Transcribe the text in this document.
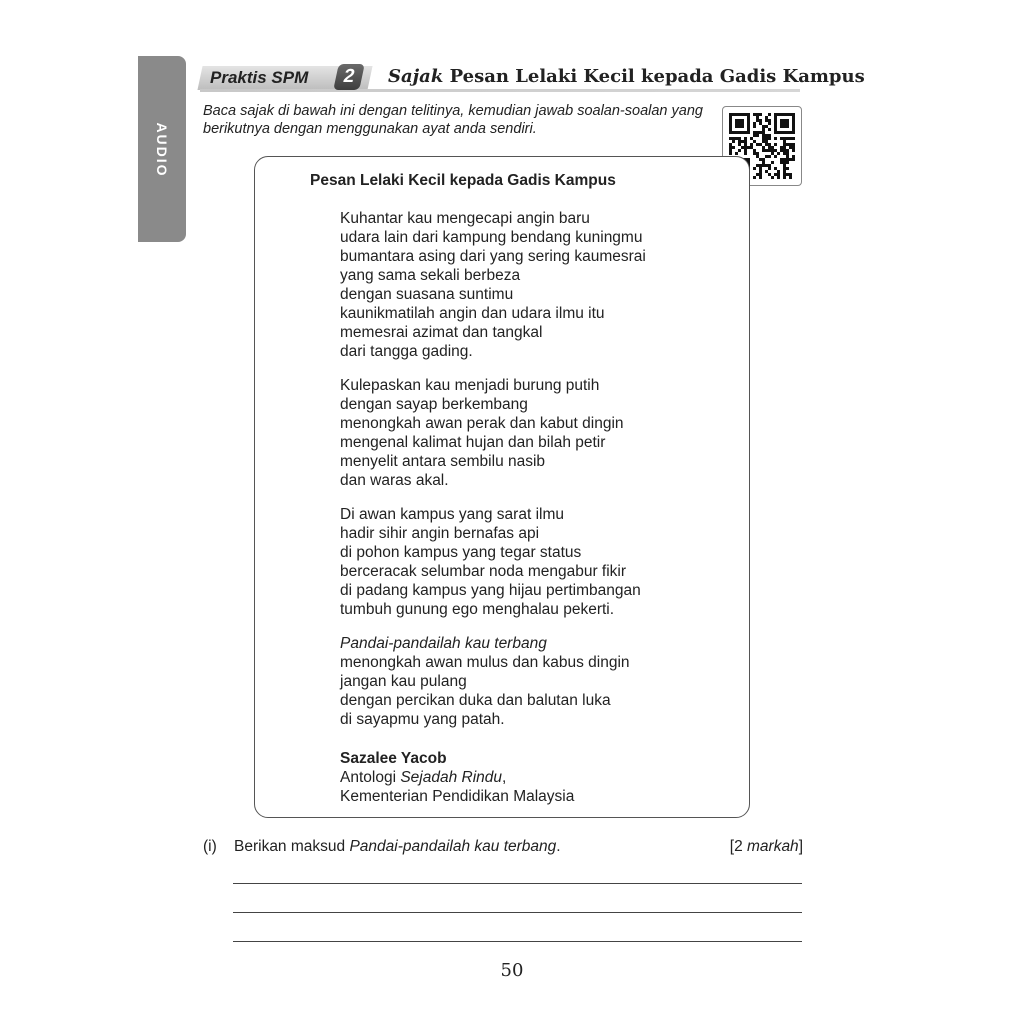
AUDIO
Praktis SPM	2	Sajak Pesan Lelaki Kecil kepada Gadis Kampus
Baca sajak di bawah ini dengan telitinya, kemudian jawab soalan-soalan yang berikutnya dengan menggunakan ayat anda sendiri.
Pesan Lelaki Kecil kepada Gadis Kampus
Kuhantar kau mengecapi angin baru
udara lain dari kampung bendang kuningmu
bumantara asing dari yang sering kaumesrai
yang sama sekali berbeza
dengan suasana suntimu
kaunikmatilah angin dan udara ilmu itu
memesrai azimat dan tangkal
dari tangga gading.
Kulepaskan kau menjadi burung putih
dengan sayap berkembang
menongkah awan perak dan kabut dingin
mengenal kalimat hujan dan bilah petir
menyelit antara sembilu nasib
dan waras akal.
Di awan kampus yang sarat ilmu
hadir sihir angin bernafas api
di pohon kampus yang tegar status
berceracak selumbar noda mengabur fikir
di padang kampus yang hijau pertimbangan
tumbuh gunung ego menghalau pekerti.
Pandai-pandailah kau terbang
menongkah awan mulus dan kabus dingin
jangan kau pulang
dengan percikan duka dan balutan luka
di sayapmu yang patah.
Sazalee Yacob
Antologi Sejadah Rindu,
Kementerian Pendidikan Malaysia
(i) Berikan maksud Pandai-pandailah kau terbang.	[2 markah]
50
